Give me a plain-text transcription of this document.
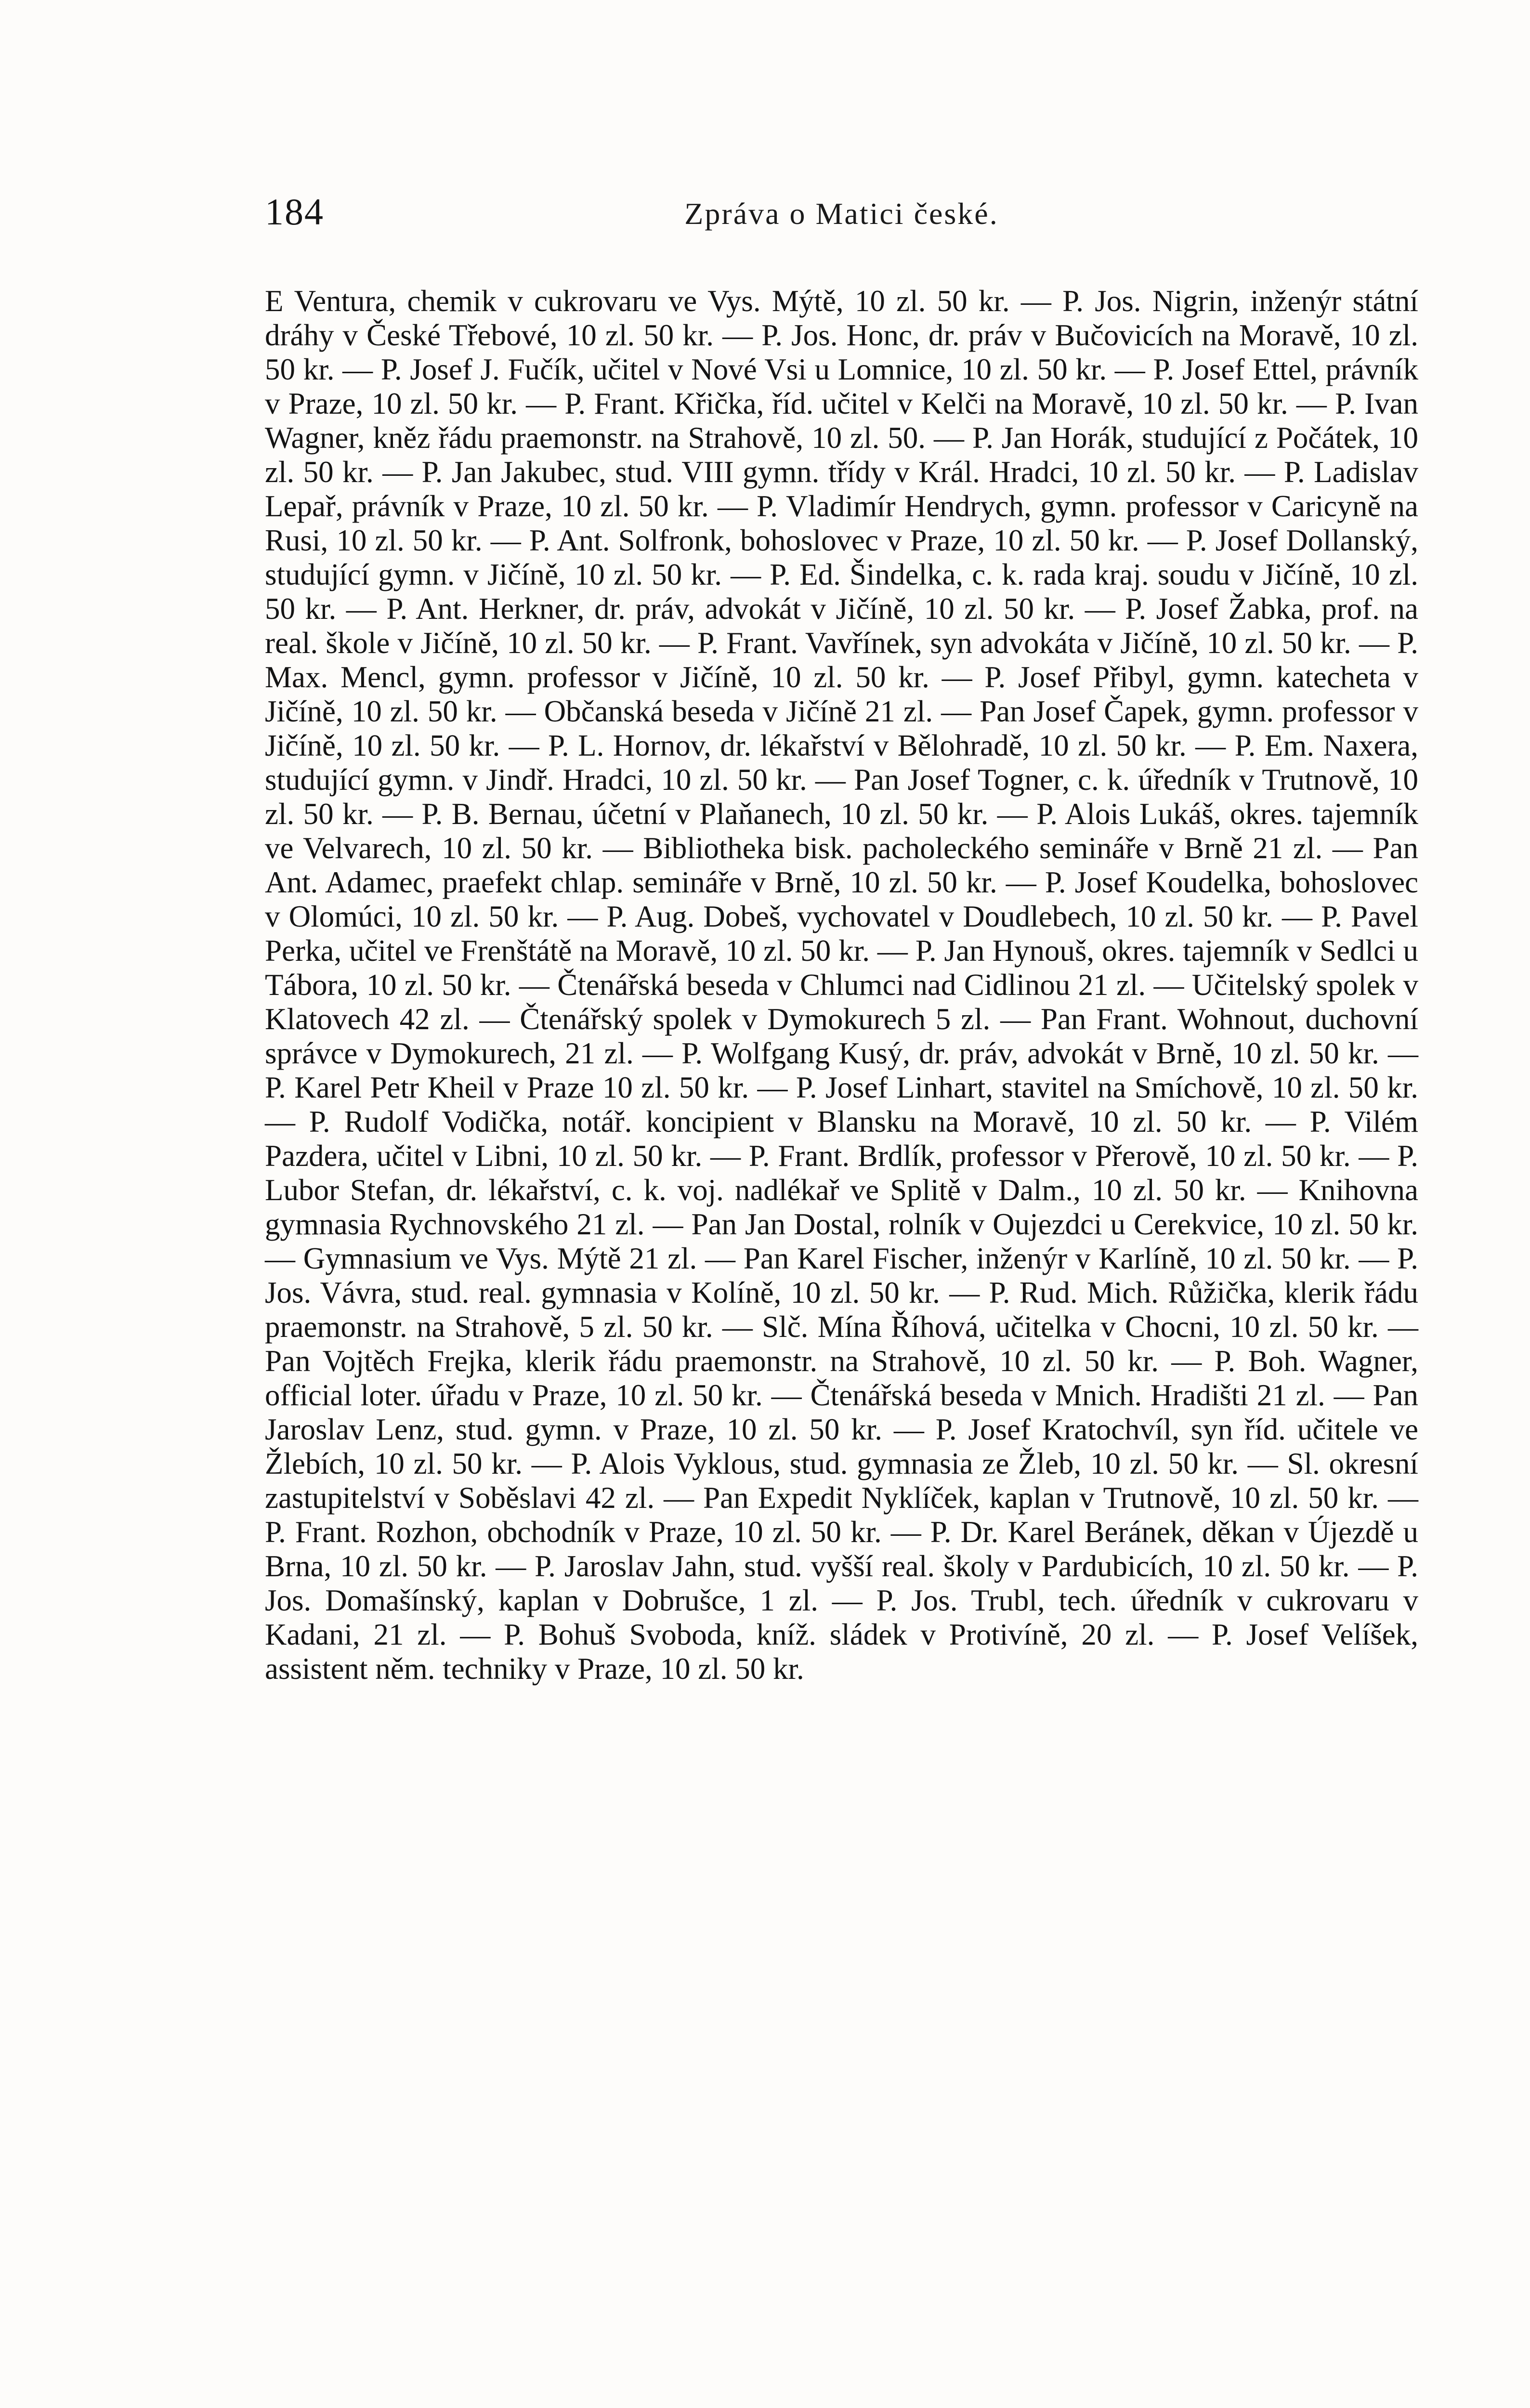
184	Zpráva o Matici české.

E Ventura, chemik v cukrovaru ve Vys. Mýtě, 10 zl. 50 kr. — P. Jos. Nigrin, inženýr státní dráhy v České Třebové, 10 zl. 50 kr. — P. Jos. Honc, dr. práv v Bučovicích na Moravě, 10 zl. 50 kr. — P. Josef J. Fučík, učitel v Nové Vsi u Lomnice, 10 zl. 50 kr. — P. Josef Ettel, právník v Praze, 10 zl. 50 kr. — P. Frant. Křička, říd. učitel v Kelči na Moravě, 10 zl. 50 kr. — P. Ivan Wagner, kněz řádu praemonstr. na Strahově, 10 zl. 50. — P. Jan Horák, studující z Počátek, 10 zl. 50 kr. — P. Jan Jakubec, stud. VIII gymn. třídy v Král. Hradci, 10 zl. 50 kr. — P. Ladislav Lepař, právník v Praze, 10 zl. 50 kr. — P. Vladimír Hendrych, gymn. professor v Caricyně na Rusi, 10 zl. 50 kr. — P. Ant. Solfronk, bohoslovec v Praze, 10 zl. 50 kr. — P. Josef Dollanský, studující gymn. v Jičíně, 10 zl. 50 kr. — P. Ed. Šindelka, c. k. rada kraj. soudu v Jičíně, 10 zl. 50 kr. — P. Ant. Herkner, dr. práv, advokát v Jičíně, 10 zl. 50 kr. — P. Josef Žabka, prof. na real. škole v Jičíně, 10 zl. 50 kr. — P. Frant. Vavřínek, syn advokáta v Jičíně, 10 zl. 50 kr. — P. Max. Mencl, gymn. professor v Jičíně, 10 zl. 50 kr. — P. Josef Přibyl, gymn. katecheta v Jičíně, 10 zl. 50 kr. — Občanská beseda v Jičíně 21 zl. — Pan Josef Čapek, gymn. professor v Jičíně, 10 zl. 50 kr. — P. L. Hornov, dr. lékařství v Bělohradě, 10 zl. 50 kr. — P. Em. Naxera, studující gymn. v Jindř. Hradci, 10 zl. 50 kr. — Pan Josef Togner, c. k. úředník v Trutnově, 10 zl. 50 kr. — P. B. Bernau, účetní v Plaňanech, 10 zl. 50 kr. — P. Alois Lukáš, okres. tajemník ve Velvarech, 10 zl. 50 kr. — Bibliotheka bisk. pacholeckého semináře v Brně 21 zl. — Pan Ant. Adamec, praefekt chlap. semináře v Brně, 10 zl. 50 kr. — P. Josef Koudelka, bohoslovec v Olomúci, 10 zl. 50 kr. — P. Aug. Dobeš, vychovatel v Doudlebech, 10 zl. 50 kr. — P. Pavel Perka, učitel ve Frenštátě na Moravě, 10 zl. 50 kr. — P. Jan Hynouš, okres. tajemník v Sedlci u Tábora, 10 zl. 50 kr. — Čtenářská beseda v Chlumci nad Cidlinou 21 zl. — Učitelský spolek v Klatovech 42 zl. — Čtenářský spolek v Dymokurech 5 zl. — Pan Frant. Wohnout, duchovní správce v Dymokurech, 21 zl. — P. Wolfgang Kusý, dr. práv, advokát v Brně, 10 zl. 50 kr. — P. Karel Petr Kheil v Praze 10 zl. 50 kr. — P. Josef Linhart, stavitel na Smíchově, 10 zl. 50 kr. — P. Rudolf Vodička, notář. koncipient v Blansku na Moravě, 10 zl. 50 kr. — P. Vilém Pazdera, učitel v Libni, 10 zl. 50 kr. — P. Frant. Brdlík, professor v Přerově, 10 zl. 50 kr. — P. Lubor Stefan, dr. lékařství, c. k. voj. nadlékař ve Splitě v Dalm., 10 zl. 50 kr. — Knihovna gymnasia Rychnovského 21 zl. — Pan Jan Dostal, rolník v Oujezdci u Cerekvice, 10 zl. 50 kr. — Gymnasium ve Vys. Mýtě 21 zl. — Pan Karel Fischer, inženýr v Karlíně, 10 zl. 50 kr. — P. Jos. Vávra, stud. real. gymnasia v Kolíně, 10 zl. 50 kr. — P. Rud. Mich. Růžička, klerik řádu praemonstr. na Strahově, 5 zl. 50 kr. — Slč. Mína Říhová, učitelka v Chocni, 10 zl. 50 kr. — Pan Vojtěch Frejka, klerik řádu praemonstr. na Strahově, 10 zl. 50 kr. — P. Boh. Wagner, official loter. úřadu v Praze, 10 zl. 50 kr. — Čtenářská beseda v Mnich. Hradišti 21 zl. — Pan Jaroslav Lenz, stud. gymn. v Praze, 10 zl. 50 kr. — P. Josef Kratochvíl, syn říd. učitele ve Žlebích, 10 zl. 50 kr. — P. Alois Vyklous, stud. gymnasia ze Žleb, 10 zl. 50 kr. — Sl. okresní zastupitelství v Soběslavi 42 zl. — Pan Expedit Nyklíček, kaplan v Trutnově, 10 zl. 50 kr. — P. Frant. Rozhon, obchodník v Praze, 10 zl. 50 kr. — P. Dr. Karel Beránek, děkan v Újezdě u Brna, 10 zl. 50 kr. — P. Jaroslav Jahn, stud. vyšší real. školy v Pardubicích, 10 zl. 50 kr. — P. Jos. Domašínský, kaplan v Dobrušce, 1 zl. — P. Jos. Trubl, tech. úředník v cukrovaru v Kadani, 21 zl. — P. Bohuš Svoboda, kníž. sládek v Protivíně, 20 zl. — P. Josef Velíšek, assistent něm. techniky v Praze, 10 zl. 50 kr.
